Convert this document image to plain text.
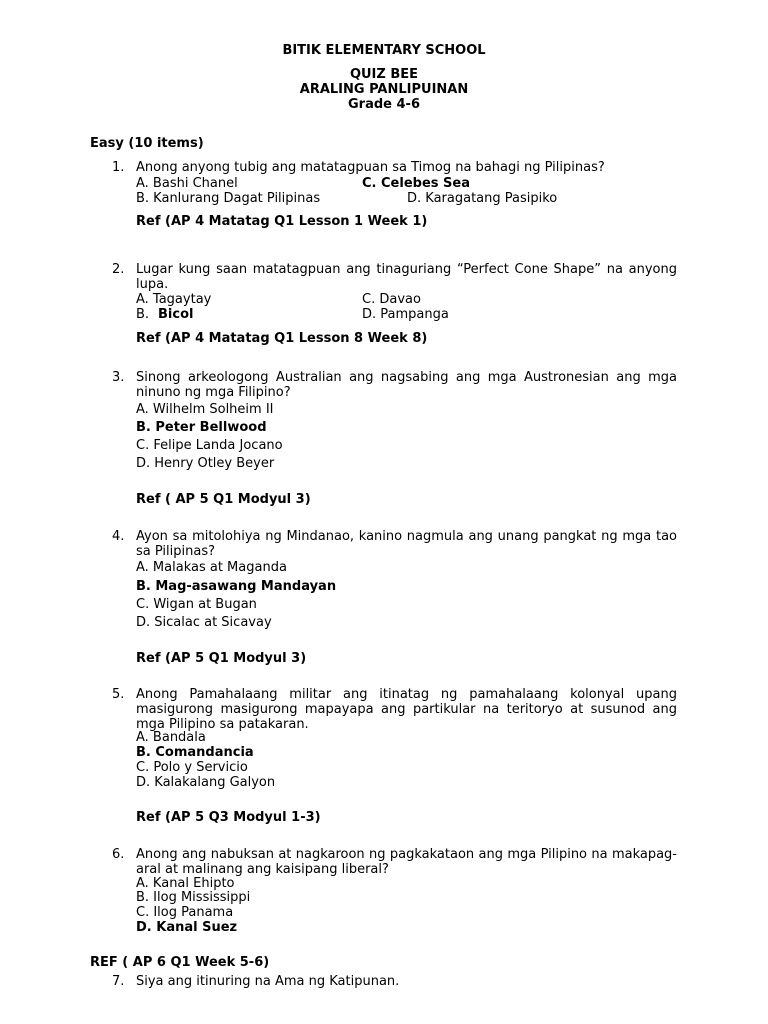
BITIK ELEMENTARY SCHOOL
QUIZ BEE
ARALING PANLIPUINAN
Grade 4-6
Easy (10 items)
1. Anong anyong tubig ang matatagpuan sa Timog na bahagi ng Pilipinas?
A. Bashi Chanel	C. Celebes Sea
B. Kanlurang Dagat Pilipinas	D. Karagatang Pasipiko
Ref (AP 4 Matatag Q1 Lesson 1 Week 1)
2. Lugar kung saan matatagpuan ang tinaguriang “Perfect Cone Shape” na anyong lupa.
A. Tagaytay	C. Davao
B. Bicol	D. Pampanga
Ref (AP 4 Matatag Q1 Lesson 8 Week 8)
3. Sinong arkeologong Australian ang nagsabing ang mga Austronesian ang mga ninuno ng mga Filipino?
A. Wilhelm Solheim II
B. Peter Bellwood
C. Felipe Landa Jocano
D. Henry Otley Beyer
Ref ( AP 5 Q1 Modyul 3)
4. Ayon sa mitolohiya ng Mindanao, kanino nagmula ang unang pangkat ng mga tao sa Pilipinas?
A. Malakas at Maganda
B. Mag-asawang Mandayan
C. Wigan at Bugan
D. Sicalac at Sicavay
Ref (AP 5 Q1 Modyul 3)
5. Anong Pamahalaang militar ang itinatag ng pamahalaang kolonyal upang masigurong masigurong mapayapa ang partikular na teritoryo at susunod ang mga Pilipino sa patakaran.
A. Bandala
B. Comandancia
C. Polo y Servicio
D. Kalakalang Galyon
Ref (AP 5 Q3 Modyul 1-3)
6. Anong ang nabuksan at nagkaroon ng pagkakataon ang mga Pilipino na makapag-aral at malinang ang kaisipang liberal?
A. Kanal Ehipto
B. Ilog Mississippi
C. Ilog Panama
D. Kanal Suez
REF ( AP 6 Q1 Week 5-6)
7. Siya ang itinuring na Ama ng Katipunan.
